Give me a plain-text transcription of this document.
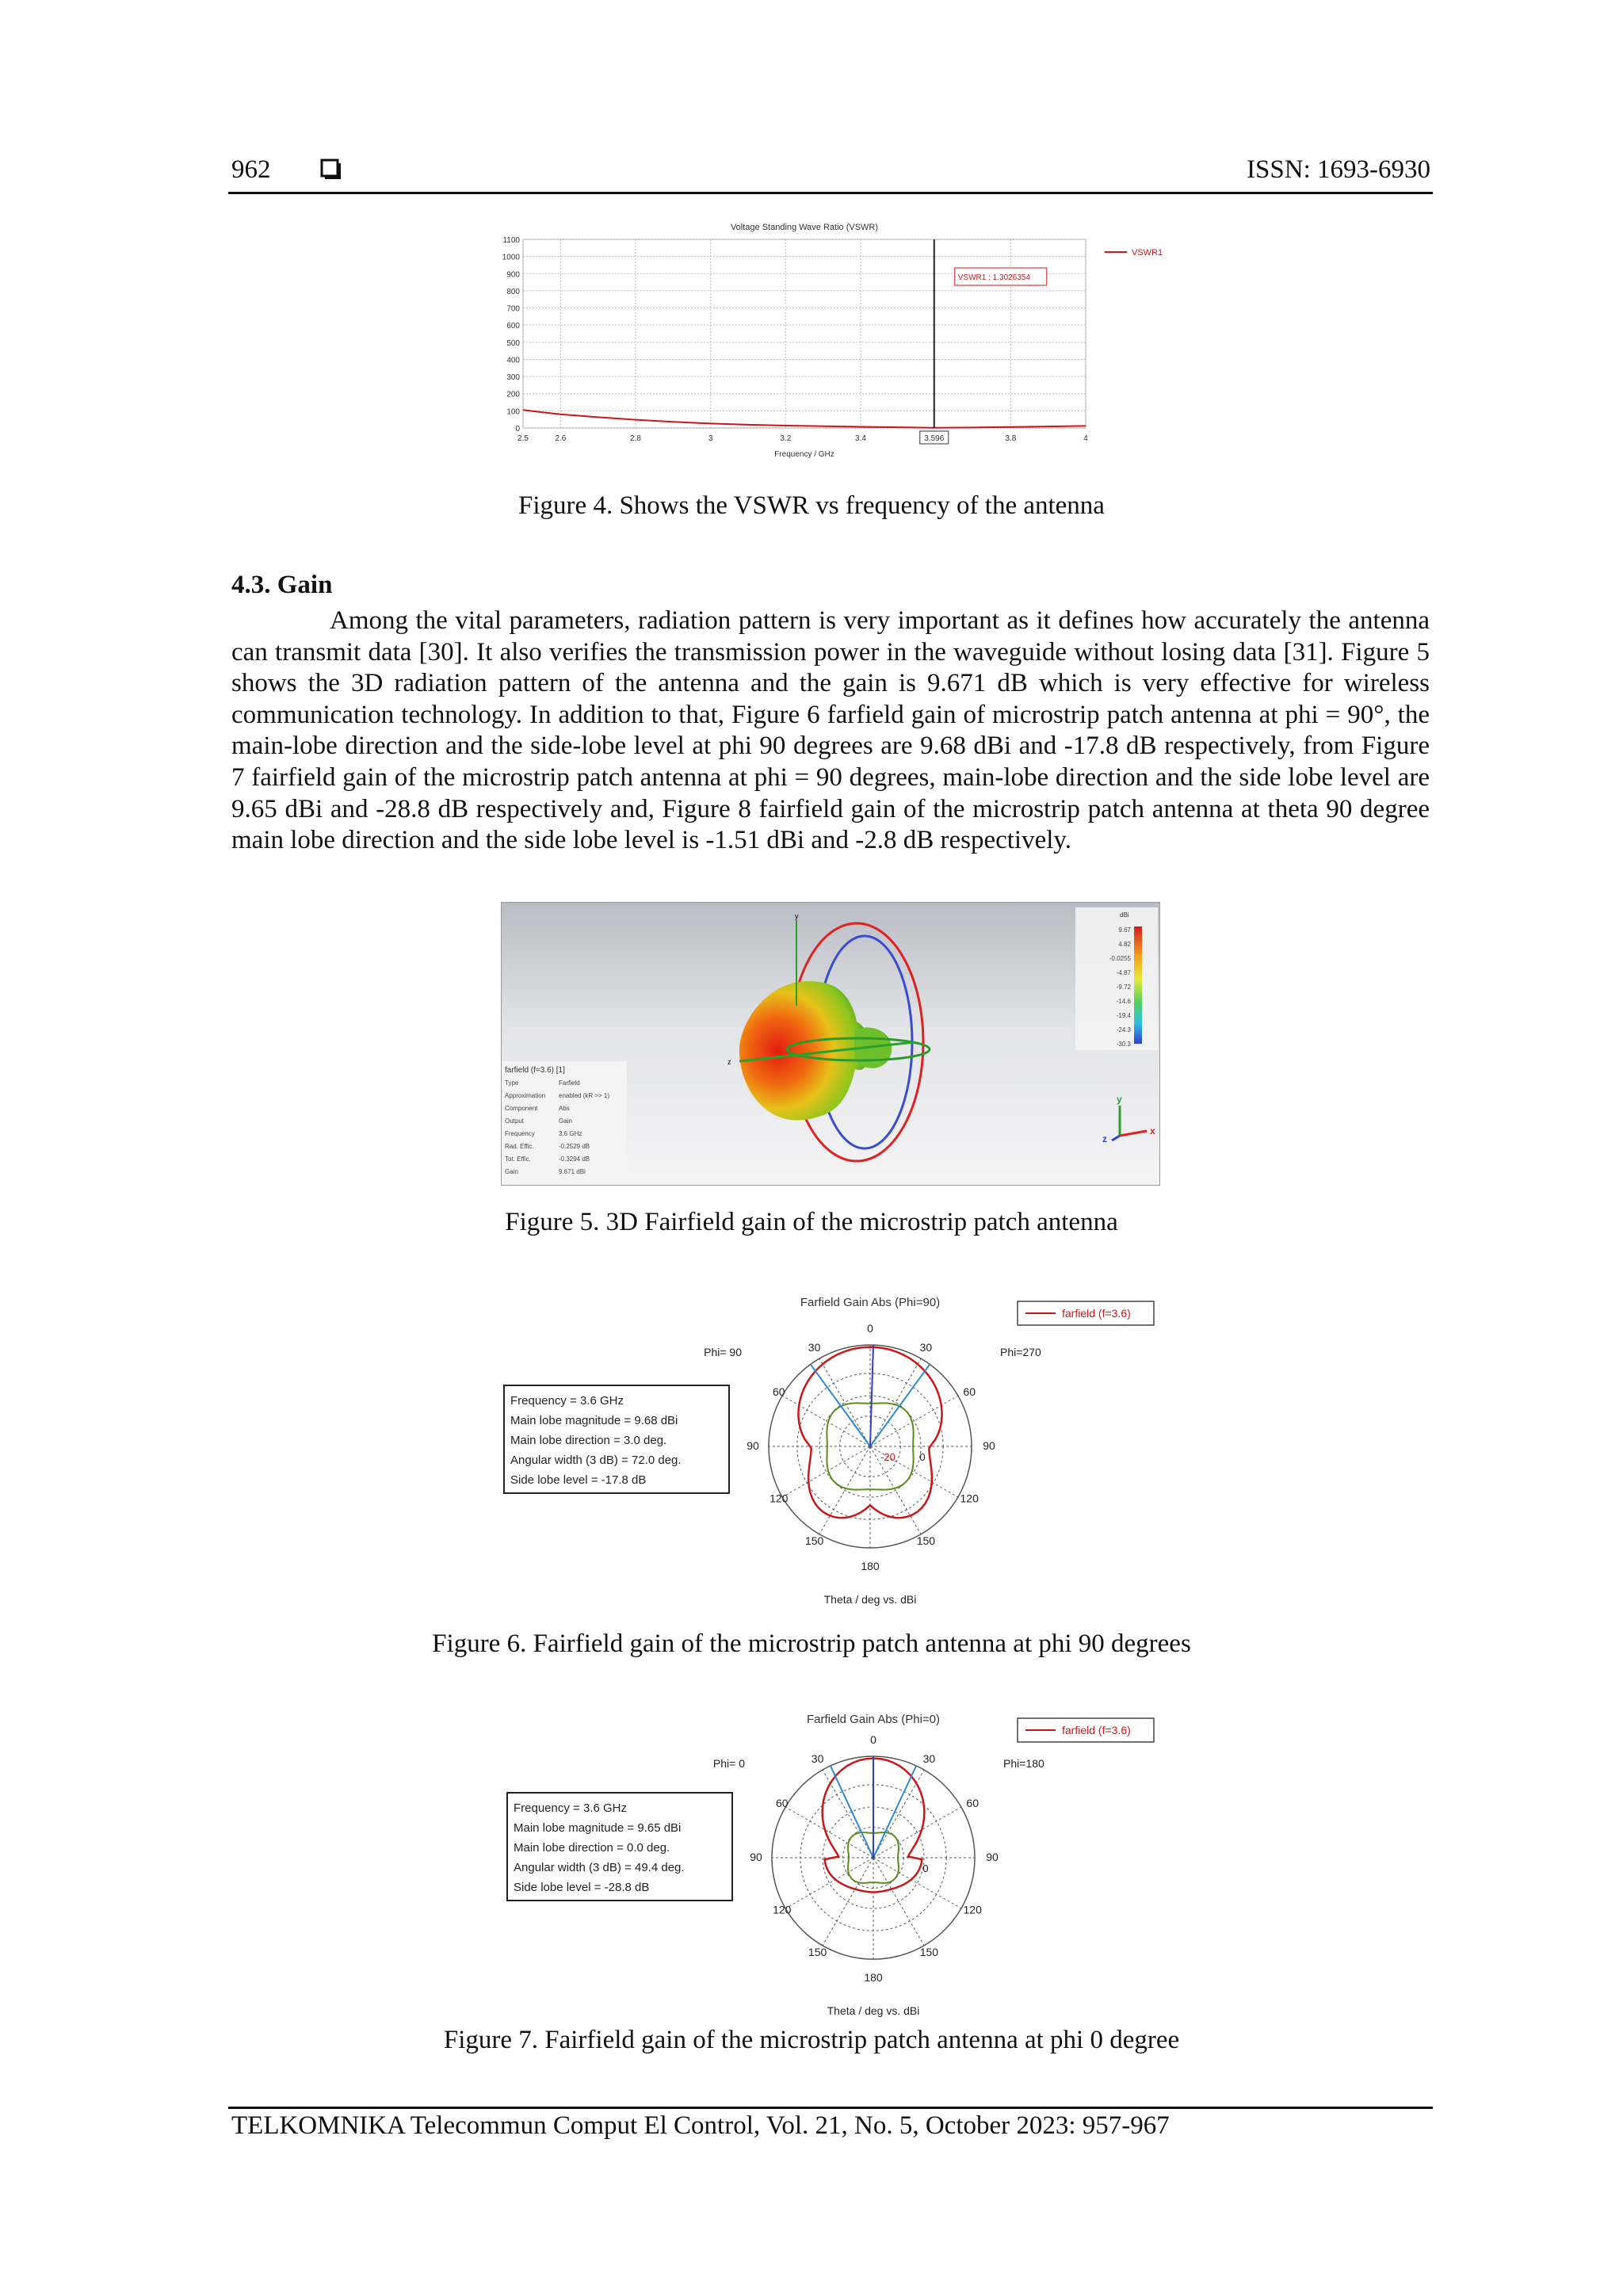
962	ISSN: 1693-6930
Voltage Standing Wave Ratio (VSWR)
0
100
200
300
400
500
600
700
800
900
1000
1100
2.5	2.6	2.8	3	3.2	3.4	3.596	3.8	4
Frequency / GHz
VSWR1 : 1.3026354
VSWR1
Figure 4. Shows the VSWR vs frequency of the antenna
4.3. Gain
Among the vital parameters, radiation pattern is very important as it defines how accurately the antenna can transmit data [30]. It also verifies the transmission power in the waveguide without losing data [31]. Figure 5 shows the 3D radiation pattern of the antenna and the gain is 9.671 dB which is very effective for wireless communication technology. In addition to that, Figure 6 farfield gain of microstrip patch antenna at phi = 90°, the main-lobe direction and the side-lobe level at phi 90 degrees are 9.68 dBi and -17.8 dB respectively, from Figure 7 fairfield gain of the microstrip patch antenna at phi = 90 degrees, main-lobe direction and the side lobe level are 9.65 dBi and -28.8 dB respectively and, Figure 8 fairfield gain of the microstrip patch antenna at theta 90 degree main lobe direction and the side lobe level is -1.51 dBi and -2.8 dB respectively.
y
z
dBi
9.67
4.82
-0.0255
-4.87
-9.72
-14.6
-19.4
-24.3
-30.3
farfield (f=3.6) [1]
Type	Farfield
Approximation enabled (kR >> 1)
Component	Abs
Output	Gain
Frequency	3.6 GHz
Rad. Effic.	-0.2529 dB
Tot. Effic.	-0.3294 dB
Gain	9.671 dBi
y
x
z
Figure 5. 3D Fairfield gain of the microstrip patch antenna
Farfield Gain Abs (Phi=90)
farfield (f=3.6)
0
30	30
60	60
90	90
120	120
150	150
180
Phi= 90	Phi=270
0
-20
Frequency = 3.6 GHz
Main lobe magnitude = 9.68 dBi
Main lobe direction = 3.0 deg.
Angular width (3 dB) = 72.0 deg.
Side lobe level = -17.8 dB
Theta / deg vs. dBi
Figure 6. Fairfield gain of the microstrip patch antenna at phi 90 degrees
Farfield Gain Abs (Phi=0)
farfield (f=3.6)
0
30	30
60	60
90	90
120	120
150	150
180
Phi= 0	Phi=180
0
Frequency = 3.6 GHz
Main lobe magnitude = 9.65 dBi
Main lobe direction = 0.0 deg.
Angular width (3 dB) = 49.4 deg.
Side lobe level = -28.8 dB
Theta / deg vs. dBi
Figure 7. Fairfield gain of the microstrip patch antenna at phi 0 degree
TELKOMNIKA Telecommun Comput El Control, Vol. 21, No. 5, October 2023: 957-967
